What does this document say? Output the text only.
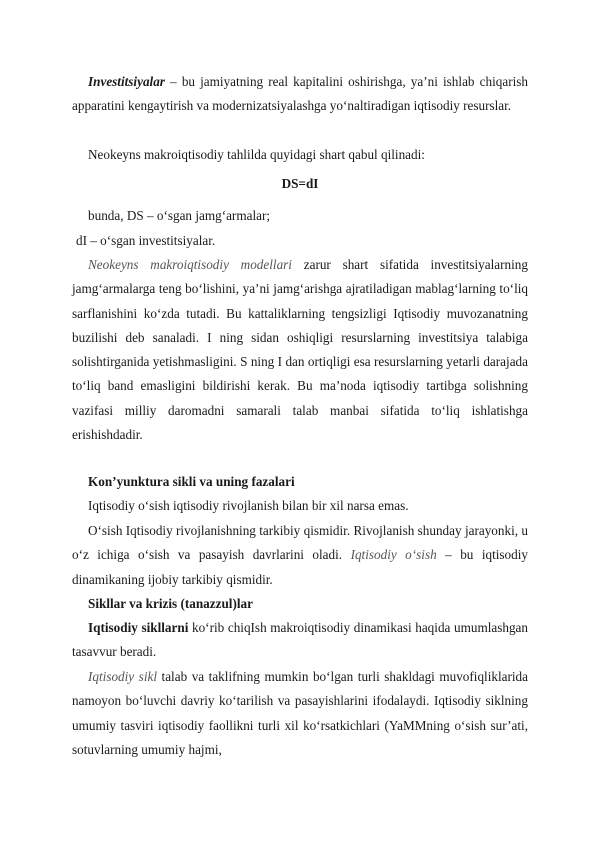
Investitsiyalar – bu jamiyatning real kapitalini oshirishga, ya’ni ishlab chiqarish apparatini kengaytirish va modernizatsiyalashga yo‘naltiradigan iqtisodiy resurslar.

Neokeyns makroiqtisodiy tahlilda quyidagi shart qabul qilinadi:

DS=dI

bunda, DS – o‘sgan jamg‘armalar;

dI – o‘sgan investitsiyalar.

Neokeyns makroiqtisodiy modellari zarur shart sifatida investitsiyalarning jamg‘armalarga teng bo‘lishini, ya’ni jamg‘arishga ajratiladigan mablag‘larning to‘liq sarflanishini ko‘zda tutadi. Bu kattaliklarning tengsizligi Iqtisodiy muvozanatning buzilishi deb sanaladi. I ning sidan oshiqligi resurslarning investitsiya talabiga solishtirganida yetishmasligini. S ning I dan ortiqligi esa resurslarning yetarli darajada to‘liq band emasligini bildirishi kerak. Bu ma’noda iqtisodiy tartibga solishning vazifasi milliy daromadni samarali talab manbai sifatida to‘liq ishlatishga erishishdadir.

Kon’yunktura sikli va uning fazalari

Iqtisodiy o‘sish iqtisodiy rivojlanish bilan bir xil narsa emas.

O‘sish Iqtisodiy rivojlanishning tarkibiy qismidir. Rivojlanish shunday jarayonki, u o‘z ichiga o‘sish va pasayish davrlarini oladi. Iqtisodiy o‘sish – bu iqtisodiy dinamikaning ijobiy tarkibiy qismidir.

Sikllar va krizis (tanazzul)lar

Iqtisodiy sikllarni ko‘rib chiqIsh makroiqtisodiy dinamikasi haqida umumlashgan tasavvur beradi.

Iqtisodiy sikl talab va taklifning mumkin bo‘lgan turli shakldagi muvofiqliklarida namoyon bo‘luvchi davriy ko‘tarilish va pasayishlarini ifodalaydi. Iqtisodiy siklning umumiy tasviri iqtisodiy faollikni turli xil ko‘rsatkichlari (YaMMning o‘sish sur’ati, sotuvlarning umumiy hajmi,
